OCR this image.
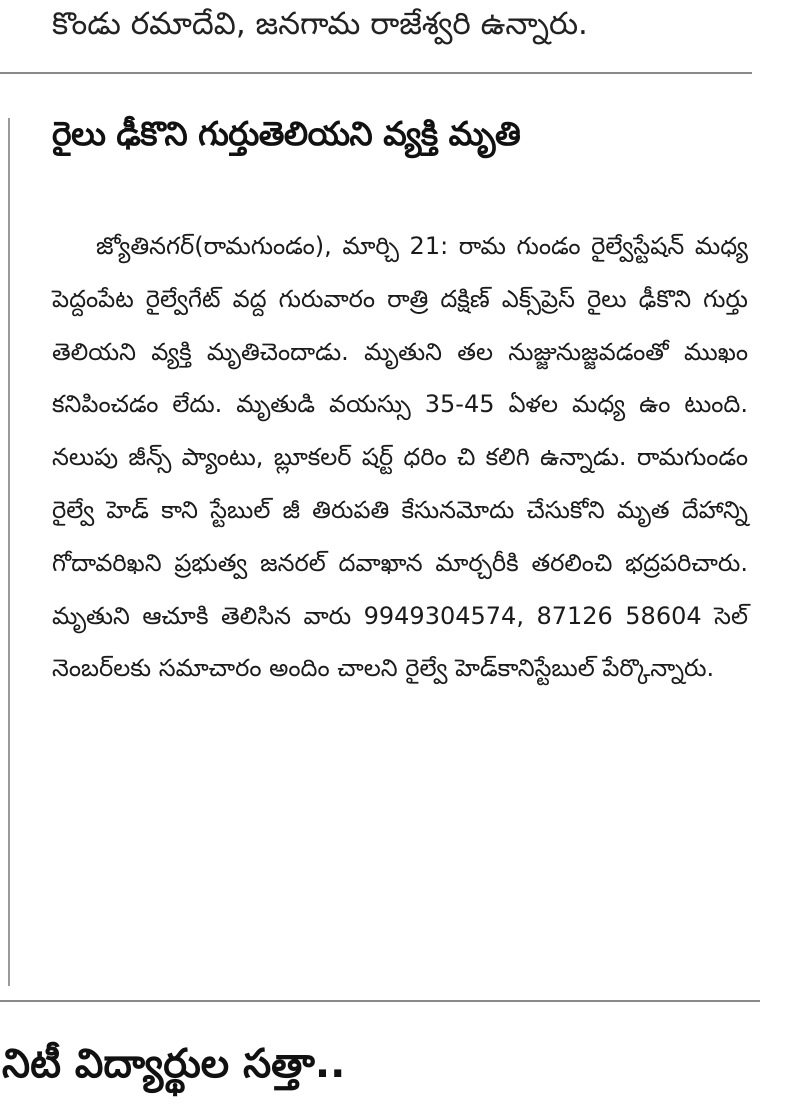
కొండు రమాదేవి, జనగామ రాజేశ్వరి ఉన్నారు.
రైలు ఢీకొని గుర్తుతెలియని వ్యక్తి మృతి

జ్యోతినగర్(రామగుండం), మార్చి 21: రామ గుండం రైల్వేస్టేషన్ మధ్య పెద్దంపేట రైల్వేగేట్ వద్ద గురువారం రాత్రి దక్షిణ్ ఎక్స్‌ప్రెస్ రైలు ఢీకొని గుర్తు తెలియని వ్యక్తి మృతిచెందాడు. మృతుని తల నుజ్జునుజ్జవడంతో ముఖం కనిపించడం లేదు. మృతుడి వయస్సు 35-45 ఏళల మధ్య ఉం టుంది. నలుపు జీన్స్ ప్యాంటు, బ్లూకలర్ షర్ట్ ధరిం చి కలిగి ఉన్నాడు. రామగుండం రైల్వే హెడ్ కాని స్టేబుల్ జీ తిరుపతి కేసునమోదు చేసుకోని మృత దేహాన్ని గోదావరిఖని ప్రభుత్వ జనరల్ దవాఖాన మార్చరీకి తరలించి భద్రపరిచారు. మృతుని ఆచూకి తెలిసిన వారు 9949304574, 87126 58604 సెల్ నెంబర్‌లకు సమాచారం అందిం చాలని రైల్వే హెడ్‌కానిస్టేబుల్ పేర్కొన్నారు.

నిటీ విద్యార్థుల సత్తా..
